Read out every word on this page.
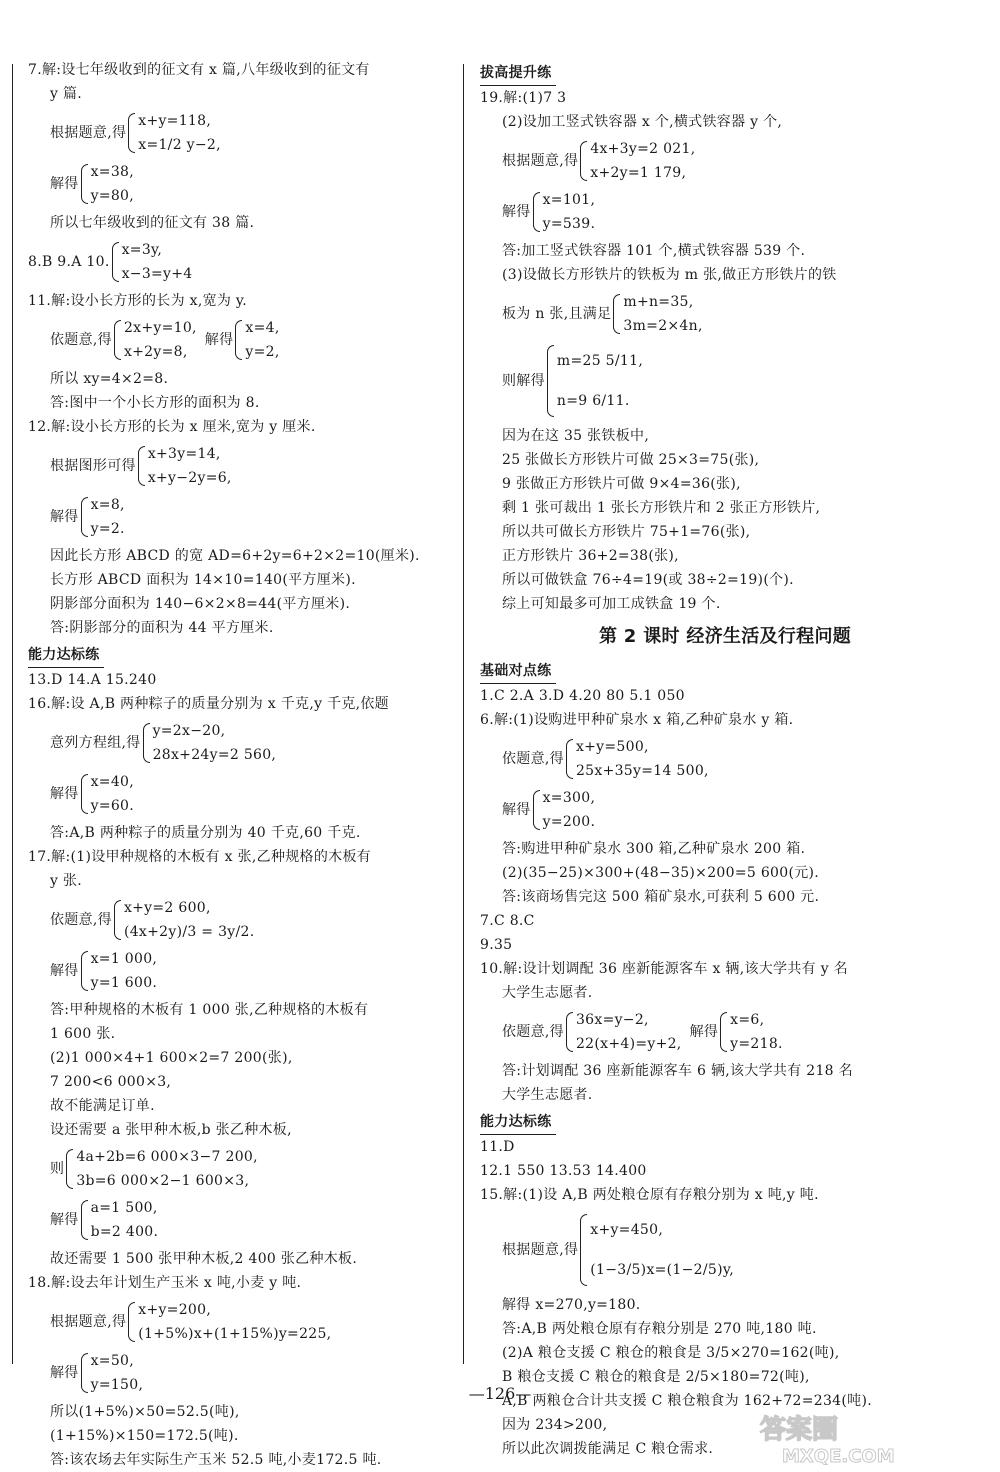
7.解:设七年级收到的征文有 x 篇,八年级收到的征文有
y 篇.
根据题意,得
x+y=118,
x=1/2 y−2,
解得
x=38,
y=80,
所以七年级收到的征文有 38 篇.
8.B 9.A 10.
x=3y,
x−3=y+4
11.解:设小长方形的长为 x,宽为 y.
依题意,得
2x+y=10,
x+2y=8,
解得
x=4,
y=2,
所以 xy=4×2=8.
答:图中一个小长方形的面积为 8.
12.解:设小长方形的长为 x 厘米,宽为 y 厘米.
根据图形可得
x+3y=14,
x+y−2y=6,
解得
x=8,
y=2.
因此长方形 ABCD 的宽 AD=6+2y=6+2×2=10(厘米).
长方形 ABCD 面积为 14×10=140(平方厘米).
阴影部分面积为 140−6×2×8=44(平方厘米).
答:阴影部分的面积为 44 平方厘米.
能力达标练
13.D 14.A 15.240
16.解:设 A,B 两种粽子的质量分别为 x 千克,y 千克,依题
意列方程组,得
y=2x−20,
28x+24y=2 560,
解得
x=40,
y=60.
答:A,B 两种粽子的质量分别为 40 千克,60 千克.
17.解:(1)设甲种规格的木板有 x 张,乙种规格的木板有
y 张.
依题意,得
x+y=2 600,
(4x+2y)/3 = 3y/2.
解得
x=1 000,
y=1 600.
答:甲种规格的木板有 1 000 张,乙种规格的木板有
1 600 张.
(2)1 000×4+1 600×2=7 200(张),
7 200<6 000×3,
故不能满足订单.
设还需要 a 张甲种木板,b 张乙种木板,
则
4a+2b=6 000×3−7 200,
3b=6 000×2−1 600×3,
解得
a=1 500,
b=2 400.
故还需要 1 500 张甲种木板,2 400 张乙种木板.
18.解:设去年计划生产玉米 x 吨,小麦 y 吨.
根据题意,得
x+y=200,
(1+5%)x+(1+15%)y=225,
解得
x=50,
y=150,
所以(1+5%)×50=52.5(吨),
(1+15%)×150=172.5(吨).
答:该农场去年实际生产玉米 52.5 吨,小麦172.5 吨.
拔高提升练
19.解:(1)7 3
(2)设加工竖式铁容器 x 个,横式铁容器 y 个,
根据题意,得
4x+3y=2 021,
x+2y=1 179,
解得
x=101,
y=539.
答:加工竖式铁容器 101 个,横式铁容器 539 个.
(3)设做长方形铁片的铁板为 m 张,做正方形铁片的铁
板为 n 张,且满足
m+n=35,
3m=2×4n,
则解得
m=25 5/11,
n=9 6/11.
因为在这 35 张铁板中,
25 张做长方形铁片可做 25×3=75(张),
9 张做正方形铁片可做 9×4=36(张),
剩 1 张可裁出 1 张长方形铁片和 2 张正方形铁片,
所以共可做长方形铁片 75+1=76(张),
正方形铁片 36+2=38(张),
所以可做铁盒 76÷4=19(或 38÷2=19)(个).
综上可知最多可加工成铁盒 19 个.
第 2 课时 经济生活及行程问题
基础对点练
1.C 2.A 3.D 4.20 80 5.1 050
6.解:(1)设购进甲种矿泉水 x 箱,乙种矿泉水 y 箱.
依题意,得
x+y=500,
25x+35y=14 500,
解得
x=300,
y=200.
答:购进甲种矿泉水 300 箱,乙种矿泉水 200 箱.
(2)(35−25)×300+(48−35)×200=5 600(元).
答:该商场售完这 500 箱矿泉水,可获利 5 600 元.
7.C 8.C
9.35
10.解:设计划调配 36 座新能源客车 x 辆,该大学共有 y 名
大学生志愿者.
依题意,得
36x=y−2,
22(x+4)=y+2,
解得
x=6,
y=218.
答:计划调配 36 座新能源客车 6 辆,该大学共有 218 名
大学生志愿者.
能力达标练
11.D
12.1 550 13.53 14.400
15.解:(1)设 A,B 两处粮仓原有存粮分别为 x 吨,y 吨.
根据题意,得
x+y=450,
(1−3/5)x=(1−2/5)y,
解得 x=270,y=180.
答:A,B 两处粮仓原有存粮分别是 270 吨,180 吨.
(2)A 粮仓支援 C 粮仓的粮食是 3/5×270=162(吨),
B 粮仓支援 C 粮仓的粮食是 2/5×180=72(吨),
A,B 两粮仓合计共支援 C 粮仓粮食为 162+72=234(吨).
因为 234>200,
所以此次调拨能满足 C 粮仓需求.
—126—
答案圈
MXQE.COM
